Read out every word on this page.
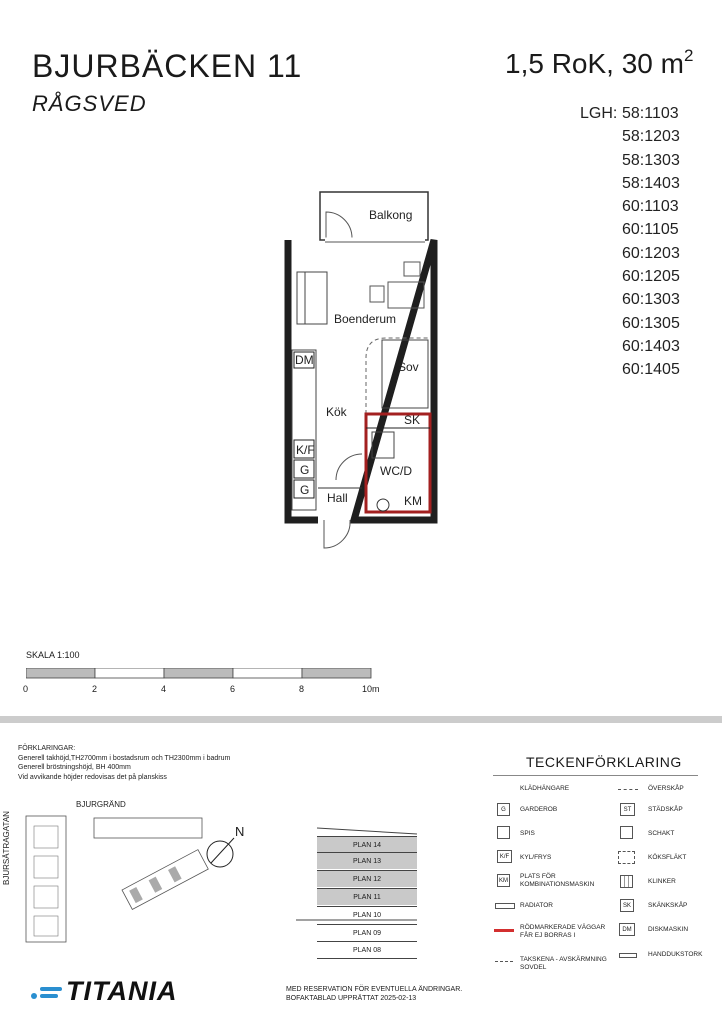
BJURBÄCKEN 11
RÅGSVED
1,5 RoK, 30 $m^2$
LGH: 58:1103
58:1203
58:1303
58:1403
60:1103
60:1105
60:1203
60:1205
60:1303
60:1305
60:1403
60:1405
Balkong
Boenderum
Sov
Kök
SK
WC/D
Hall	KM
DM
K/F
G
G
SKALA 1:100
0	2	4	6	8	10m
FÖRKLARINGAR:
Generell takhöjd,TH2700mm i bostadsrum och TH2300mm i badrum
Generell bröstningshöjd, BH 400mm
Vid avvikande höjder redovisas det på planskiss
BJURGRÄND
BJURSÄTRAGATAN	N
PLAN 14
PLAN 13
PLAN 12
PLAN 11
PLAN 10
PLAN 09
PLAN 08
TECKENFÖRKLARING
KLÄDHÄNGARE
G	GARDEROB
SPIS
K/F	KYL/FRYS
KM
PLATS FÖR KOMBINATIONSMASKIN
RADIATOR
RÖDMARKERADE VÄGGAR FÅR EJ BORRAS I
TAKSKENA - AVSKÄRMNING SOVDEL
ÖVERSKÅP
ST	STÄDSKÅP
SCHAKT
KÖKSFLÄKT
KLINKER
SK	SKÄNKSKÅP
DM	DISKMASKIN
HANDDUKSTORK
TITANIA	MED RESERVATION FÖR EVENTUELLA ÄNDRINGAR.
BOFAKTABLAD UPPRÄTTAT 2025-02-13
